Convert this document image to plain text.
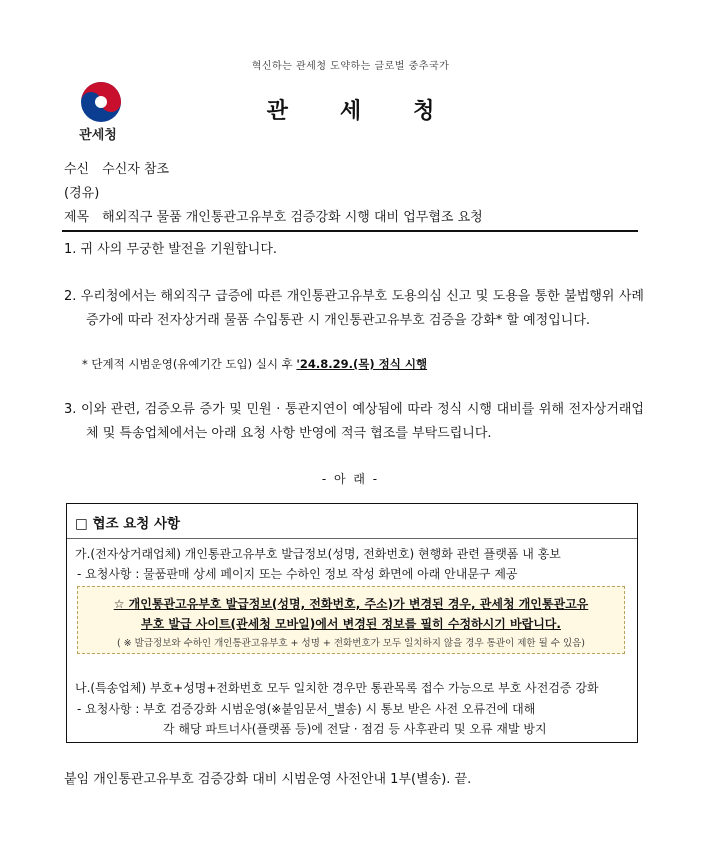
혁신하는 관세청 도약하는 글로벌 중추국가
관세청
관세청
수신 수신자 참조
(경유)
제목 해외직구 물품 개인통관고유부호 검증강화 시행 대비 업무협조 요청
1. 귀 사의 무궁한 발전을 기원합니다.
2. 우리청에서는 해외직구 급증에 따른 개인통관고유부호 도용의심 신고 및 도용을 통한 불법행위 사례 증가에 따라 전자상거래 물품 수입통관 시 개인통관고유부호 검증을 강화* 할 예정입니다.
* 단계적 시범운영(유예기간 도입) 실시 후 '24.8.29.(목) 정식 시행
3. 이와 관련, 검증오류 증가 및 민원 · 통관지연이 예상됨에 따라 정식 시행 대비를 위해 전자상거래업체 및 특송업체에서는 아래 요청 사항 반영에 적극 협조를 부탁드립니다.
- 아 래 -
□ 협조 요청 사항
가.(전자상거래업체) 개인통관고유부호 발급정보(성명, 전화번호) 현행화 관련 플랫폼 내 홍보
- 요청사항 : 물품판매 상세 페이지 또는 수하인 정보 작성 화면에 아래 안내문구 제공
☆ 개인통관고유부호 발급정보(성명, 전화번호, 주소)가 변경된 경우, 관세청 개인통관고유
부호 발급 사이트(관세청 모바일)에서 변경된 정보를 필히 수정하시기 바랍니다.
( ※ 발급정보와 수하인 개인통관고유부호 + 성명 + 전화번호가 모두 일치하지 않을 경우 통관이 제한 될 수 있음)
나.(특송업체) 부호+성명+전화번호 모두 일치한 경우만 통관목록 접수 가능으로 부호 사전검증 강화
- 요청사항 : 부호 검증강화 시범운영(※붙임문서_별송) 시 통보 받은 사전 오류건에 대해
각 해당 파트너사(플랫폼 등)에 전달 · 점검 등 사후관리 및 오류 재발 방지
붙임 개인통관고유부호 검증강화 대비 시범운영 사전안내 1부(별송). 끝.
